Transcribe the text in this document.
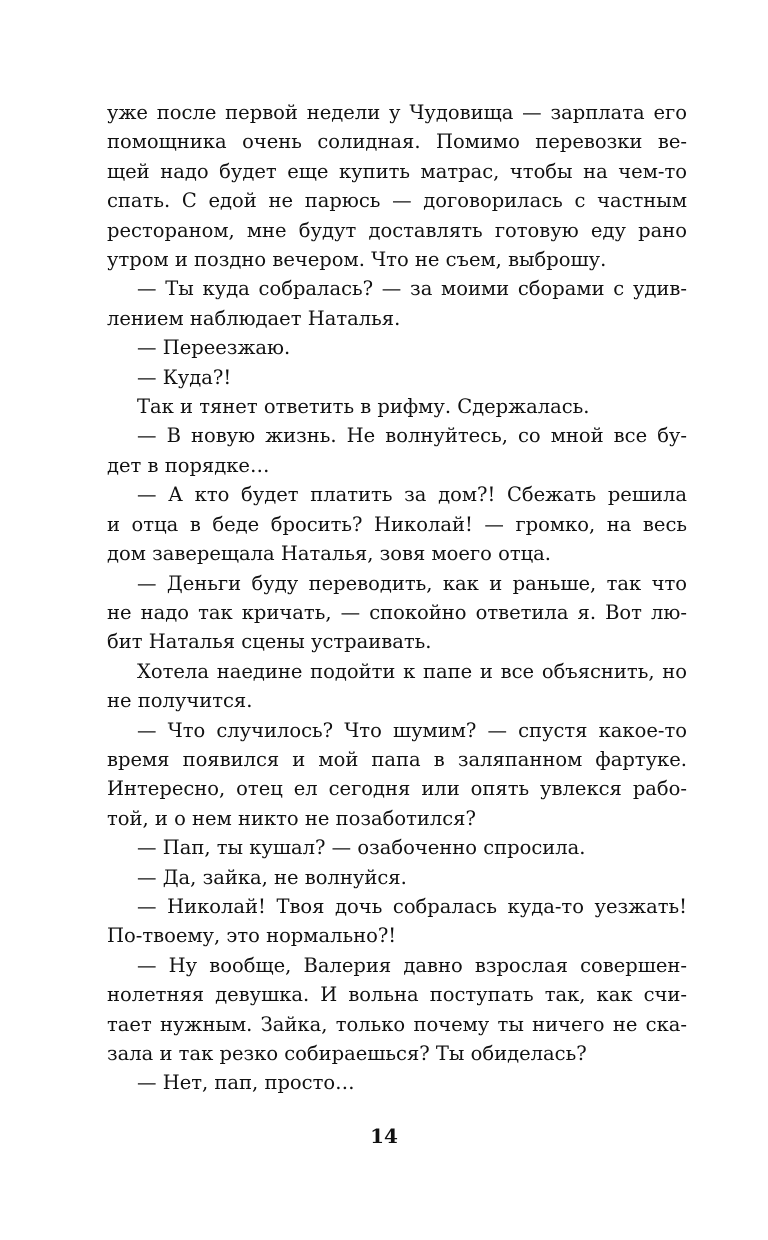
уже после первой недели у Чудовища — зарплата его
помощника очень солидная. Помимо перевозки ве-
щей надо будет еще купить матрас, чтобы на чем-то
спать. С едой не парюсь — договорилась с частным
рестораном, мне будут доставлять готовую еду рано
утром и поздно вечером. Что не съем, выброшу.
— Ты куда собралась? — за моими сборами с удив-
лением наблюдает Наталья.
— Переезжаю.
— Куда?!
Так и тянет ответить в рифму. Сдержалась.
— В новую жизнь. Не волнуйтесь, со мной все бу-
дет в порядке…
— А кто будет платить за дом?! Сбежать решила
и отца в беде бросить? Николай! — громко, на весь
дом заверещала Наталья, зовя моего отца.
— Деньги буду переводить, как и раньше, так что
не надо так кричать, — спокойно ответила я. Вот лю-
бит Наталья сцены устраивать.
Хотела наедине подойти к папе и все объяснить, но
не получится.
— Что случилось? Что шумим? — спустя какое-то
время появился и мой папа в заляпанном фартуке.
Интересно, отец ел сегодня или опять увлекся рабо-
той, и о нем никто не позаботился?
— Пап, ты кушал? — озабоченно спросила.
— Да, зайка, не волнуйся.
— Николай! Твоя дочь собралась куда-то уезжать!
По-твоему, это нормально?!
— Ну вообще, Валерия давно взрослая совершен-
нолетняя девушка. И вольна поступать так, как счи-
тает нужным. Зайка, только почему ты ничего не ска-
зала и так резко собираешься? Ты обиделась?
— Нет, пап, просто…
14
